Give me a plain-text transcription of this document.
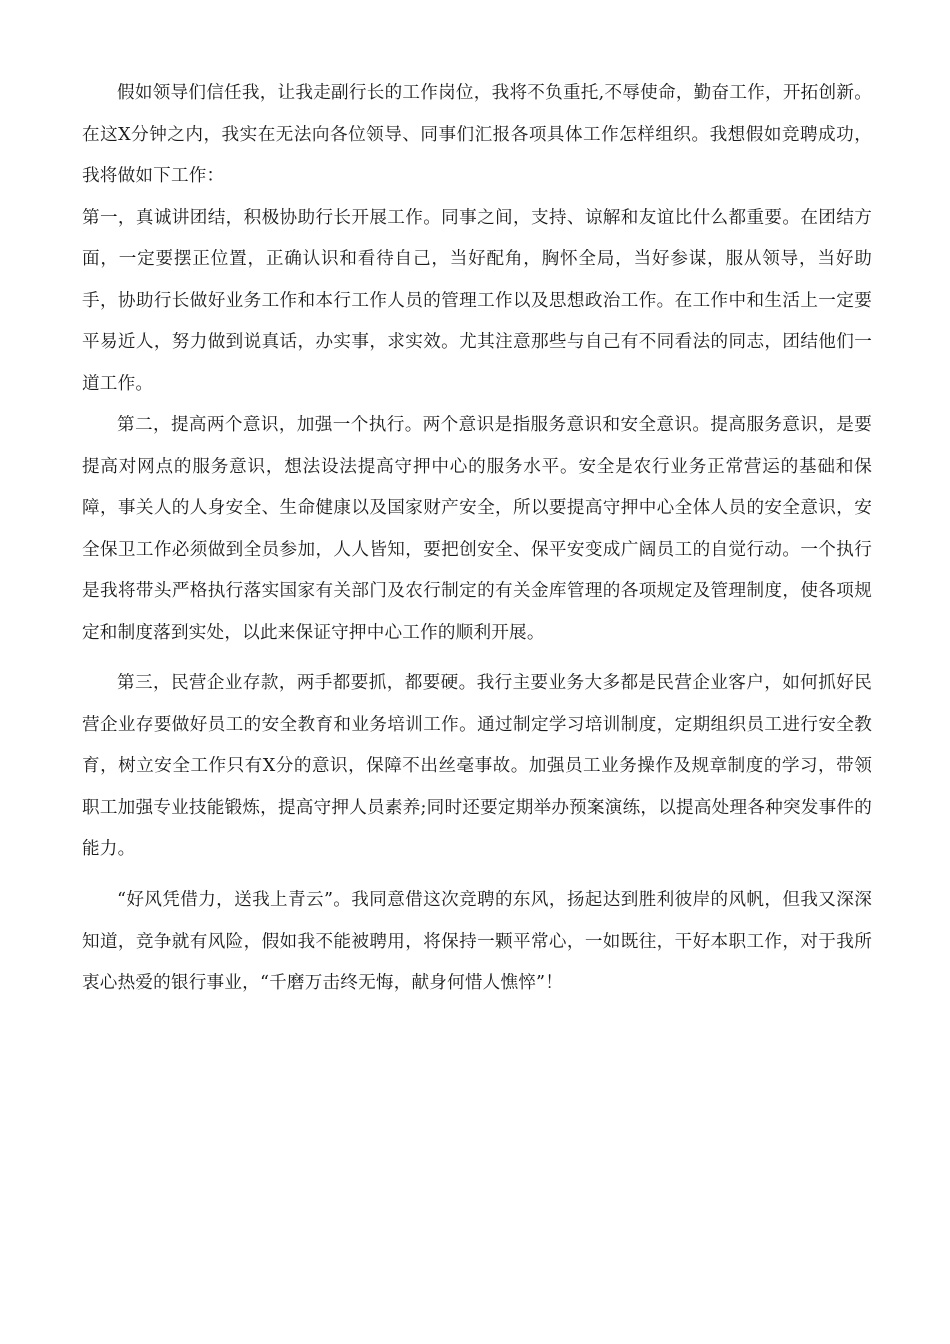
假如领导们信任我，让我走副行长的工作岗位，我将不负重托,不辱使命，勤奋工作，开拓创新。在这X分钟之内，我实在无法向各位领导、同事们汇报各项具体工作怎样组织。我想假如竞聘成功，我将做如下工作：

第一，真诚讲团结，积极协助行长开展工作。同事之间，支持、谅解和友谊比什么都重要。在团结方面，一定要摆正位置，正确认识和看待自己，当好配角，胸怀全局，当好参谋，服从领导，当好助手，协助行长做好业务工作和本行工作人员的管理工作以及思想政治工作。在工作中和生活上一定要平易近人，努力做到说真话，办实事，求实效。尤其注意那些与自己有不同看法的同志，团结他们一道工作。

第二，提高两个意识，加强一个执行。两个意识是指服务意识和安全意识。提高服务意识，是要提高对网点的服务意识，想法设法提高守押中心的服务水平。安全是农行业务正常营运的基础和保障，事关人的人身安全、生命健康以及国家财产安全，所以要提高守押中心全体人员的安全意识，安全保卫工作必须做到全员参加，人人皆知，要把创安全、保平安变成广阔员工的自觉行动。一个执行是我将带头严格执行落实国家有关部门及农行制定的有关金库管理的各项规定及管理制度，使各项规定和制度落到实处，以此来保证守押中心工作的顺利开展。

第三，民营企业存款，两手都要抓，都要硬。我行主要业务大多都是民营企业客户，如何抓好民营企业存要做好员工的安全教育和业务培训工作。通过制定学习培训制度，定期组织员工进行安全教育，树立安全工作只有X分的意识，保障不出丝毫事故。加强员工业务操作及规章制度的学习，带领职工加强专业技能锻炼，提高守押人员素养;同时还要定期举办预案演练，以提高处理各种突发事件的能力。

“好风凭借力，送我上青云”。我同意借这次竞聘的东风，扬起达到胜利彼岸的风帆，但我又深深知道，竞争就有风险，假如我不能被聘用，将保持一颗平常心，一如既往，干好本职工作，对于我所衷心热爱的银行事业，“千磨万击终无悔，献身何惜人憔悴”！
